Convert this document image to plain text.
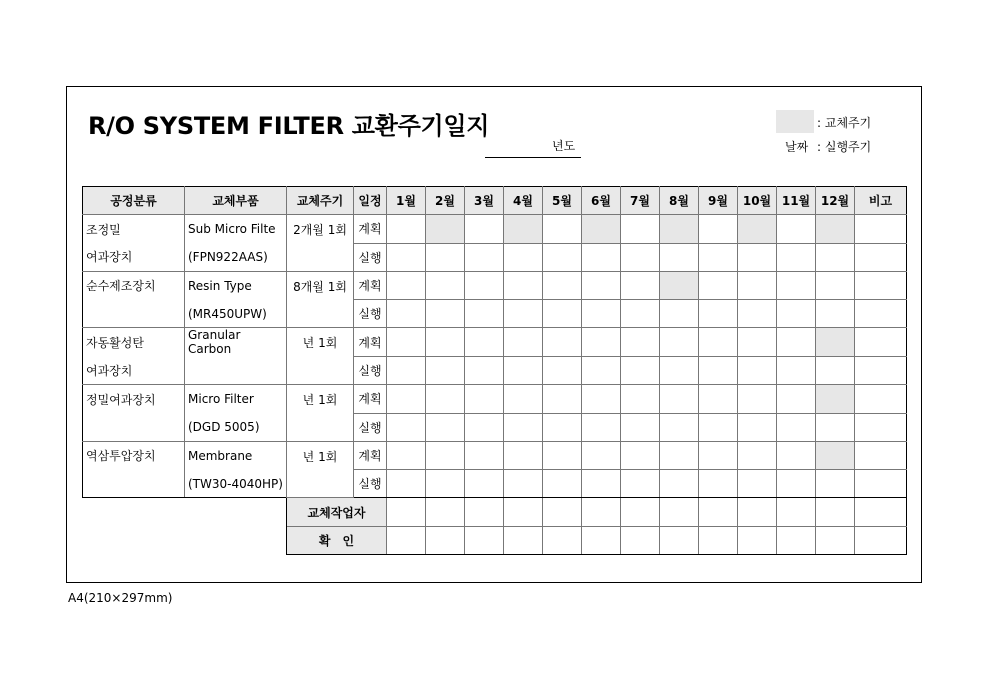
R/O SYSTEM FILTER 교환주기일지
년도
: 교체주기
날짜 : 실행주기
공정분류	교체부품	교체주기	일정	1월	2월	3월	4월	5월	6월	7월	8월	9월	10월	11월	12월	비고
조정밀	Sub Micro Filte	2개월 1회	계획													
여과장치	(FPN922AAS)		실행													
순수제조장치	Resin Type	8개월 1회	계획													
	(MR450UPW)		실행													
자동활성탄	Granular Carbon	년 1회	계획													
여과장치			실행													
정밀여과장치	Micro Filter	년 1회	계획													
	(DGD 5005)		실행													
역삼투압장치	Membrane	년 1회	계획													
	(TW30-4040HP)		실행													
		교체작업자														
		확　인														
A4(210×297mm)
